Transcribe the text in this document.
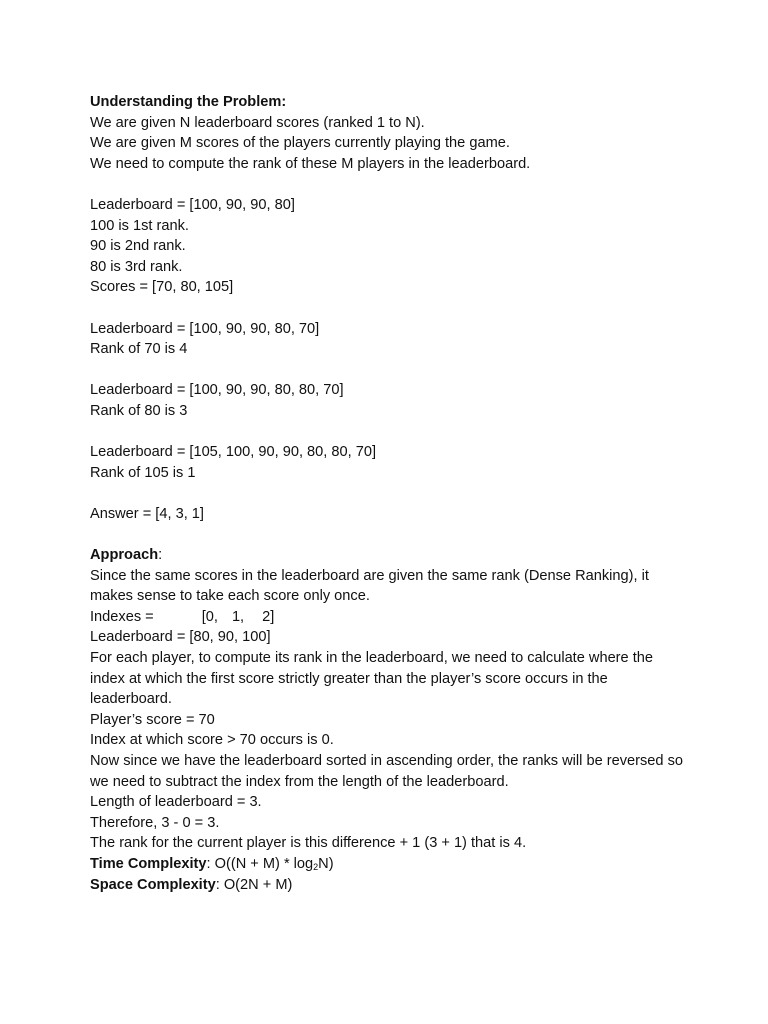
Understanding the Problem:
We are given N leaderboard scores (ranked 1 to N).
We are given M scores of the players currently playing the game.
We need to compute the rank of these M players in the leaderboard.
Leaderboard = [100, 90, 90, 80]
100 is 1st rank.
90 is 2nd rank.
80 is 3rd rank.
Scores = [70, 80, 105]
Leaderboard = [100, 90, 90, 80, 70]
Rank of 70 is 4
Leaderboard = [100, 90, 90, 80, 80, 70]
Rank of 80 is 3
Leaderboard = [105, 100, 90, 90, 80, 80, 70]
Rank of 105 is 1
Answer = [4, 3, 1]
Approach:
Since the same scores in the leaderboard are given the same rank (Dense Ranking), it makes sense to take each score only once.
Indexes =	[0, 1, 2]
Leaderboard = [80, 90, 100]
For each player, to compute its rank in the leaderboard, we need to calculate where the index at which the first score strictly greater than the player’s score occurs in the leaderboard.
Player’s score = 70
Index at which score > 70 occurs is 0.
Now since we have the leaderboard sorted in ascending order, the ranks will be reversed so we need to subtract the index from the length of the leaderboard.
Length of leaderboard = 3.
Therefore, 3 - 0 = 3.
The rank for the current player is this difference + 1 (3 + 1) that is 4.
Time Complexity: $O((N + M) * \log_2N)$
Space Complexity: O(2N + M)
